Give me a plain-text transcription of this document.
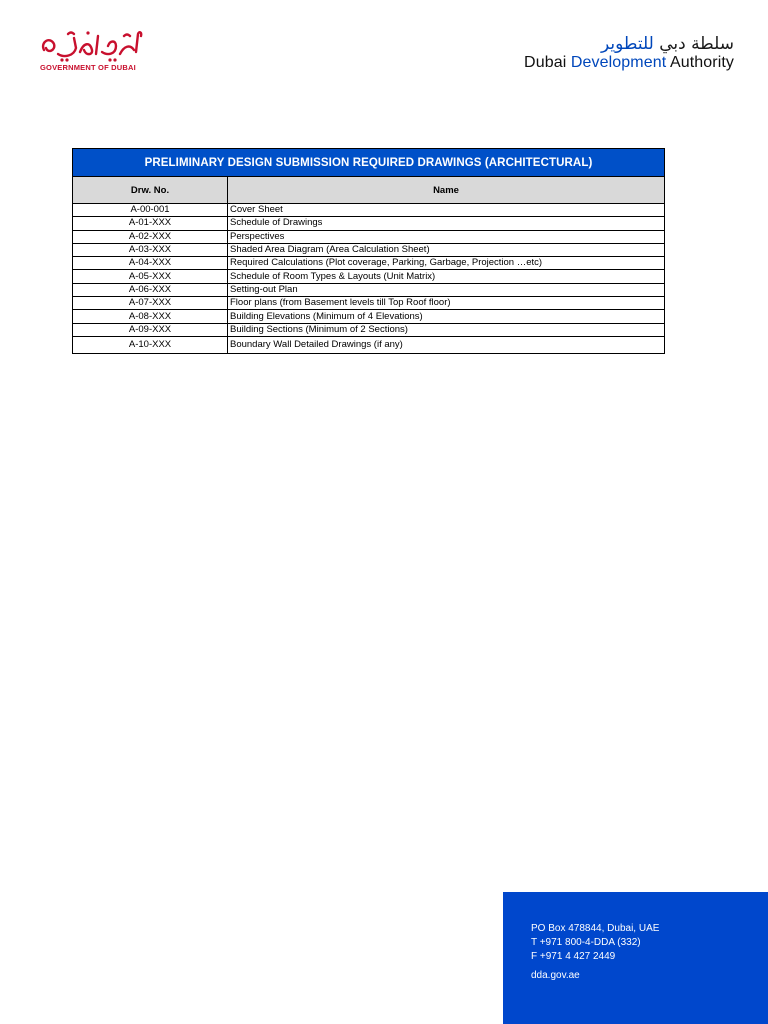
GOVERNMENT OF DUBAI
سلطة دبي للتطوير
Dubai Development Authority
PRELIMINARY DESIGN SUBMISSION REQUIRED DRAWINGS (ARCHITECTURAL)	
Drw. No.	Name
A-00-001	Cover Sheet
A-01-XXX	Schedule of Drawings
A-02-XXX	Perspectives
A-03-XXX	Shaded Area Diagram (Area Calculation Sheet)
A-04-XXX	Required Calculations (Plot coverage, Parking, Garbage, Projection …etc)
A-05-XXX	Schedule of Room Types & Layouts (Unit Matrix)
A-06-XXX	Setting-out Plan
A-07-XXX	Floor plans (from Basement levels till Top Roof floor)
A-08-XXX	Building Elevations (Minimum of 4 Elevations)
A-09-XXX	Building Sections (Minimum of 2 Sections)
A-10-XXX	Boundary Wall Detailed Drawings (if any)
PO Box 478844, Dubai, UAE
T +971 800-4-DDA (332)
F +971 4 427 2449
dda.gov.ae
